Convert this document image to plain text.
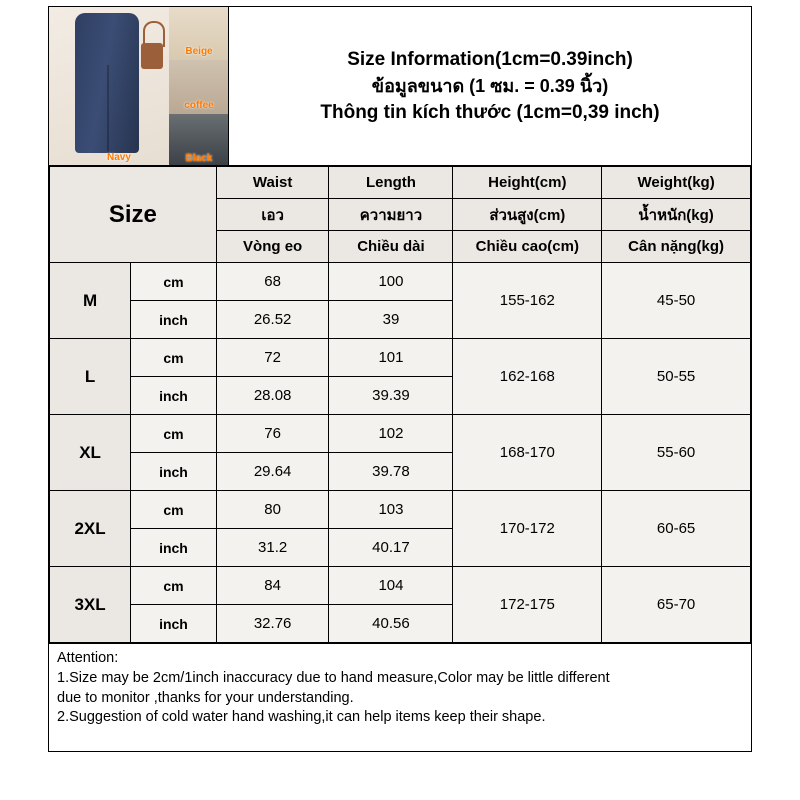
Navy
Beige
coffee
Black
Size Information(1cm=0.39inch)
ข้อมูลขนาด (1 ซม. = 0.39 นิ้ว)
Thông tin kích thước (1cm=0,39 inch)
Size		Waist	Length	Height(cm)	Weight(kg)
		เอว	ความยาว	ส่วนสูง(cm)	น้ำหนัก(kg)
		Vòng eo	Chiều dài	Chiều cao(cm)	Cân nặng(kg)
M	cm	68	100	155-162	45-50
	inch	26.52	39		
L	cm	72	101	162-168	50-55
	inch	28.08	39.39		
XL	cm	76	102	168-170	55-60
	inch	29.64	39.78		
2XL	cm	80	103	170-172	60-65
	inch	31.2	40.17		
3XL	cm	84	104	172-175	65-70
	inch	32.76	40.56		
Attention:
1.Size may be 2cm/1inch inaccuracy due to hand measure,Color may be little different
due to monitor ,thanks for your understanding.
2.Suggestion of cold water hand washing,it can help items keep their shape.
